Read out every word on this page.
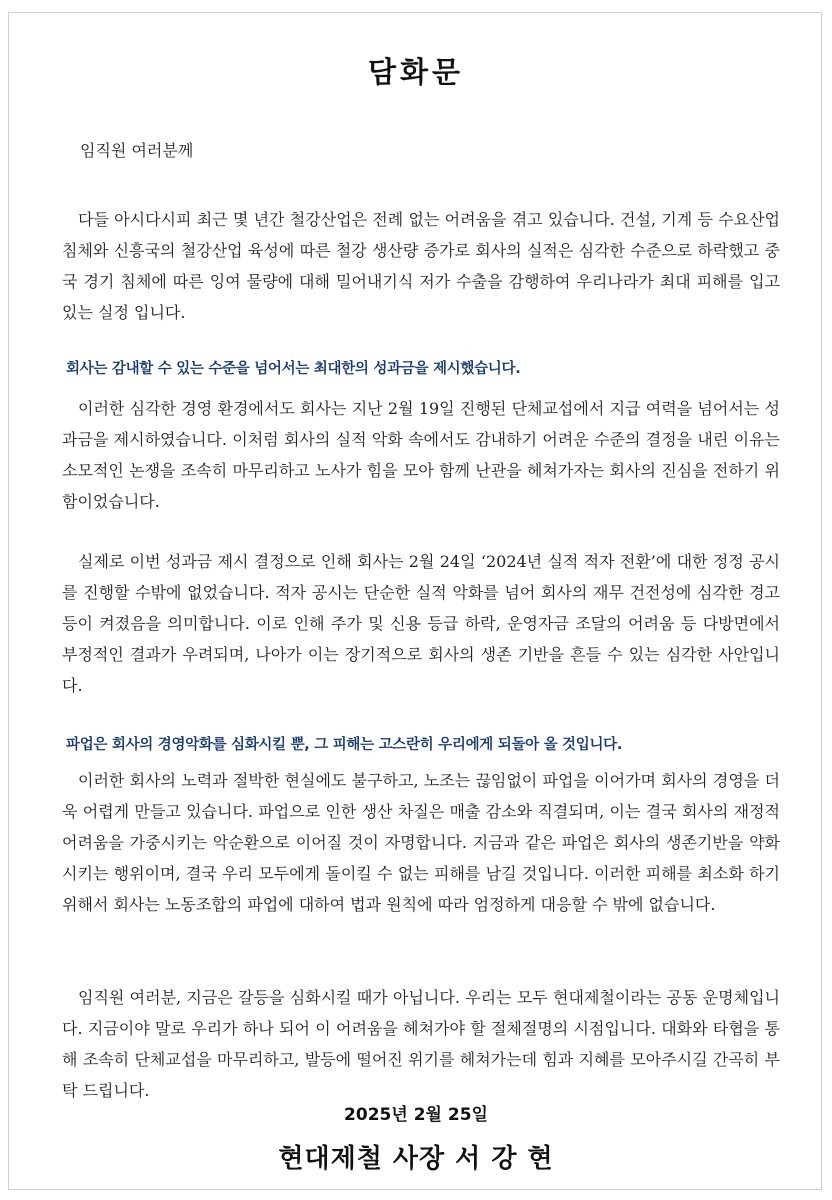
담화문
임직원 여러분께

다들 아시다시피 최근 몇 년간 철강산업은 전례 없는 어려움을 겪고 있습니다. 건설, 기계 등 수요산업 침체와 신흥국의 철강산업 육성에 따른 철강 생산량 증가로 회사의 실적은 심각한 수준으로 하락했고 중국 경기 침체에 따른 잉여 물량에 대해 밀어내기식 저가 수출을 감행하여 우리나라가 최대 피해를 입고 있는 실정 입니다.

회사는 감내할 수 있는 수준을 넘어서는 최대한의 성과금을 제시했습니다.

이러한 심각한 경영 환경에서도 회사는 지난 2월 19일 진행된 단체교섭에서 지급 여력을 넘어서는 성과금을 제시하였습니다. 이처럼 회사의 실적 악화 속에서도 감내하기 어려운 수준의 결정을 내린 이유는 소모적인 논쟁을 조속히 마무리하고 노사가 힘을 모아 함께 난관을 헤쳐가자는 회사의 진심을 전하기 위함이었습니다.

실제로 이번 성과금 제시 결정으로 인해 회사는 2월 24일 ‘2024년 실적 적자 전환’에 대한 정정 공시를 진행할 수밖에 없었습니다. 적자 공시는 단순한 실적 악화를 넘어 회사의 재무 건전성에 심각한 경고등이 켜졌음을 의미합니다. 이로 인해 주가 및 신용 등급 하락, 운영자금 조달의 어려움 등 다방면에서 부정적인 결과가 우려되며, 나아가 이는 장기적으로 회사의 생존 기반을 흔들 수 있는 심각한 사안입니다.

파업은 회사의 경영악화를 심화시킬 뿐, 그 피해는 고스란히 우리에게 되돌아 올 것입니다.

이러한 회사의 노력과 절박한 현실에도 불구하고, 노조는 끊임없이 파업을 이어가며 회사의 경영을 더욱 어렵게 만들고 있습니다. 파업으로 인한 생산 차질은 매출 감소와 직결되며, 이는 결국 회사의 재정적 어려움을 가중시키는 악순환으로 이어질 것이 자명합니다. 지금과 같은 파업은 회사의 생존기반을 약화시키는 행위이며, 결국 우리 모두에게 돌이킬 수 없는 피해를 남길 것입니다. 이러한 피해를 최소화 하기 위해서 회사는 노동조합의 파업에 대하여 법과 원칙에 따라 엄정하게 대응할 수 밖에 없습니다.

임직원 여러분, 지금은 갈등을 심화시킬 때가 아닙니다. 우리는 모두 현대제철이라는 공동 운명체입니다. 지금이야 말로 우리가 하나 되어 이 어려움을 헤쳐가야 할 절체절명의 시점입니다. 대화와 타협을 통해 조속히 단체교섭을 마무리하고, 발등에 떨어진 위기를 헤쳐가는데 힘과 지혜를 모아주시길 간곡히 부탁 드립니다.

2025년 2월 25일
현대제철 사장 서 강 현
